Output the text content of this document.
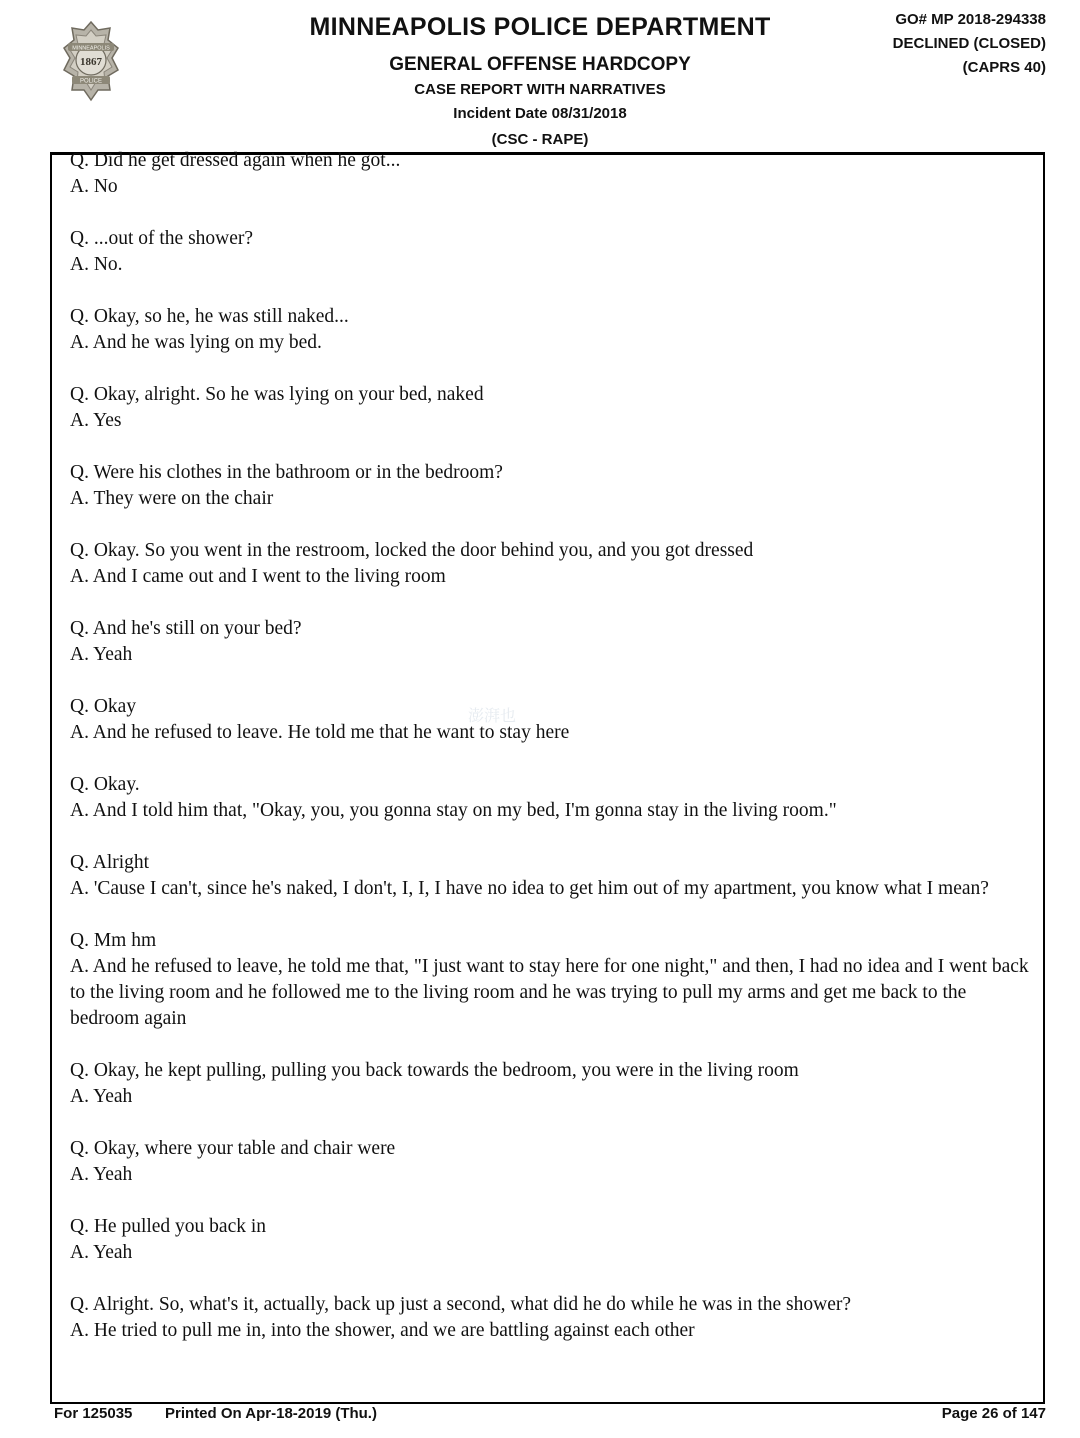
MINNEAPOLIS
1867
POLICE
MINNEAPOLIS POLICE DEPARTMENT
GENERAL OFFENSE HARDCOPY
CASE REPORT WITH NARRATIVES
Incident Date 08/31/2018
(CSC - RAPE)
GO# MP 2018-294338
DECLINED (CLOSED)
(CAPRS 40)
Q. Did he get dressed again when he got...
A. No
Q. ...out of the shower?
A. No.
Q. Okay, so he, he was still naked...
A. And he was lying on my bed.
Q. Okay, alright. So he was lying on your bed, naked
A. Yes
Q. Were his clothes in the bathroom or in the bedroom?
A. They were on the chair
Q. Okay. So you went in the restroom, locked the door behind you, and you got dressed
A. And I came out and I went to the living room
Q. And he's still on your bed?
A. Yeah
Q. Okay
A. And he refused to leave. He told me that he want to stay here
Q. Okay.
A. And I told him that, "Okay, you, you gonna stay on my bed, I'm gonna stay in the living room."
Q. Alright
A. 'Cause I can't, since he's naked, I don't, I, I, I have no idea to get him out of my apartment, you know what I mean?
Q. Mm hm
A. And he refused to leave, he told me that, "I just want to stay here for one night," and then, I had no idea and I went back to the living room and he followed me to the living room and he was trying to pull my arms and get me back to the bedroom again
Q. Okay, he kept pulling, pulling you back towards the bedroom, you were in the living room
A. Yeah
Q. Okay, where your table and chair were
A. Yeah
Q. He pulled you back in
A. Yeah
Q. Alright. So, what's it, actually, back up just a second, what did he do while he was in the shower?
A. He tried to pull me in, into the shower, and we are battling against each other
澎湃也
For 125035 Printed On Apr-18-2019 (Thu.)	Page 26 of 147
